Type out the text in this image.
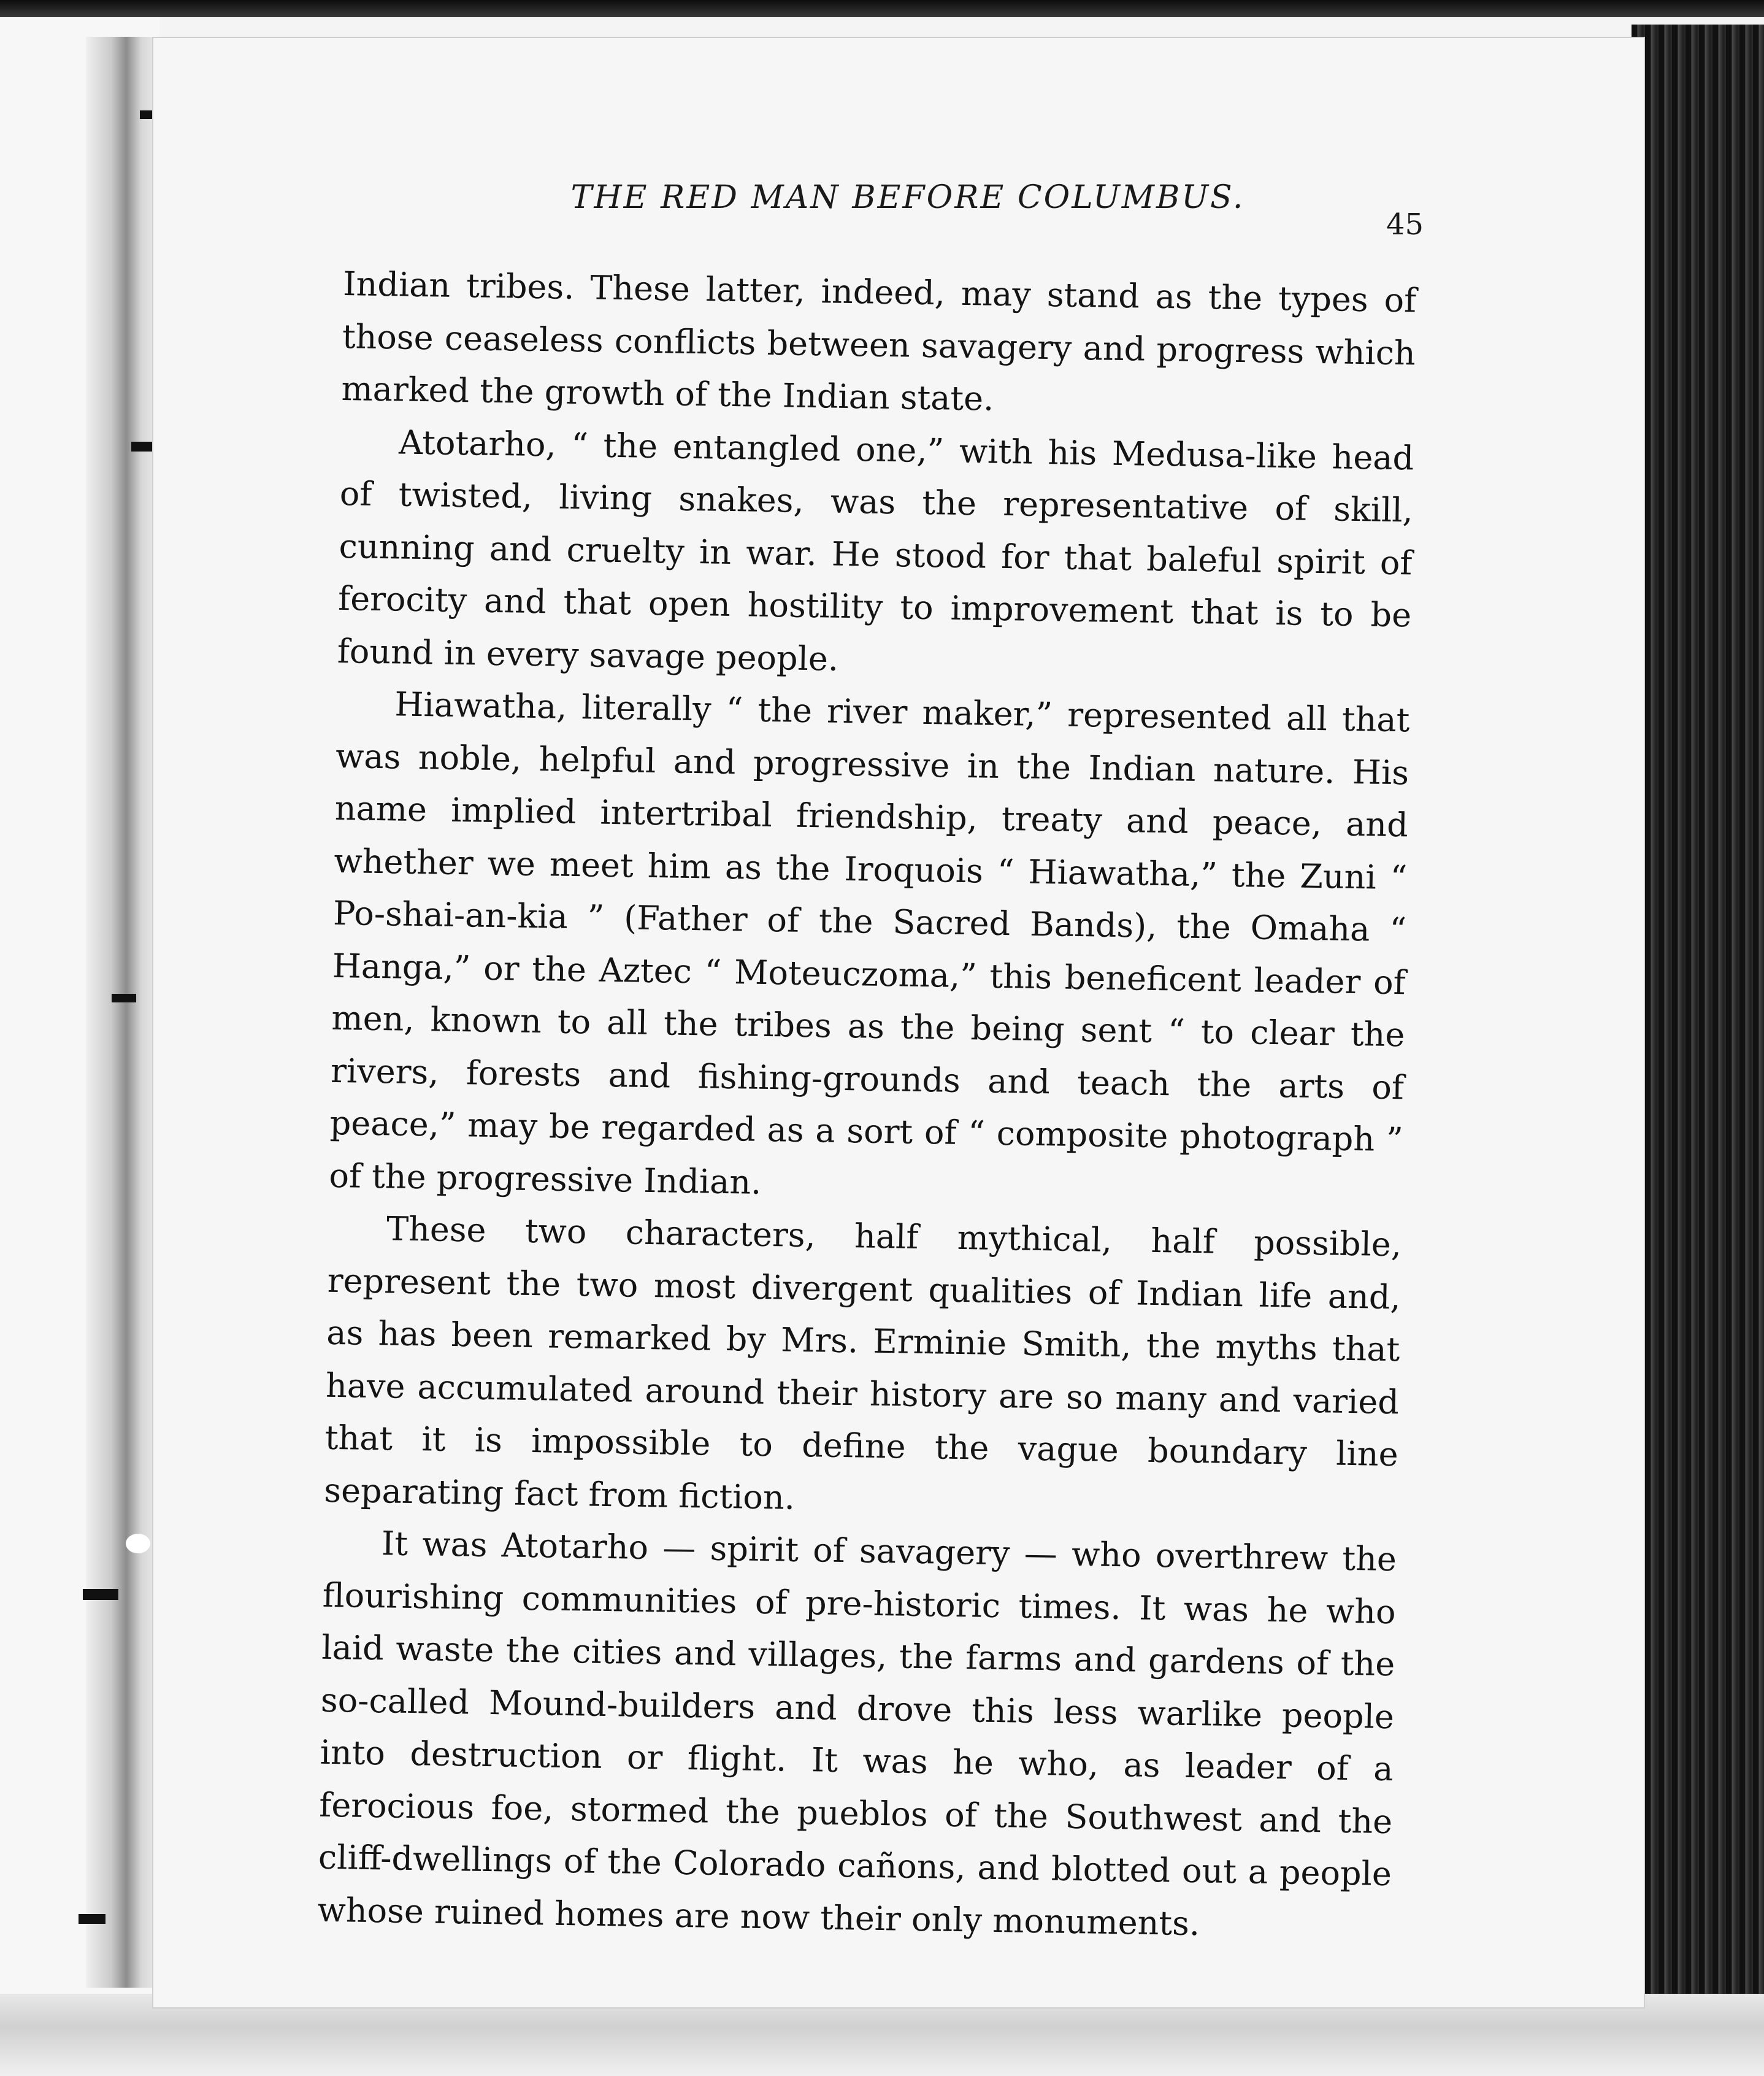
THE RED MAN BEFORE COLUMBUS.
45

Indian tribes. These latter, indeed, may stand as the types of those ceaseless conflicts between savagery and progress which marked the growth of the Indian state.

Atotarho, “ the entangled one,” with his Medusa-like head of twisted, living snakes, was the representative of skill, cunning and cruelty in war. He stood for that baleful spirit of ferocity and that open hostility to improvement that is to be found in every savage people.

Hiawatha, literally “ the river maker,” represented all that was noble, helpful and progressive in the Indian nature. His name implied intertribal friendship, treaty and peace, and whether we meet him as the Iroquois “ Hiawatha,” the Zuni “ Po-shai-an-kia ” (Father of the Sacred Bands), the Omaha “ Hanga,” or the Aztec “ Moteuczoma,” this beneficent leader of men, known to all the tribes as the being sent “ to clear the rivers, forests and fishing-grounds and teach the arts of peace,” may be regarded as a sort of “ composite photograph ” of the progressive Indian.

These two characters, half mythical, half possible, represent the two most divergent qualities of Indian life and, as has been remarked by Mrs. Erminie Smith, the myths that have accumulated around their history are so many and varied that it is impossible to define the vague boundary line separating fact from fiction.

It was Atotarho — spirit of savagery — who overthrew the flourishing communities of pre-historic times. It was he who laid waste the cities and villages, the farms and gardens of the so-called Mound-builders and drove this less warlike people into destruction or flight. It was he who, as leader of a ferocious foe, stormed the pueblos of the Southwest and the cliff-dwellings of the Colorado cañons, and blotted out a people whose ruined homes are now their only monuments.
